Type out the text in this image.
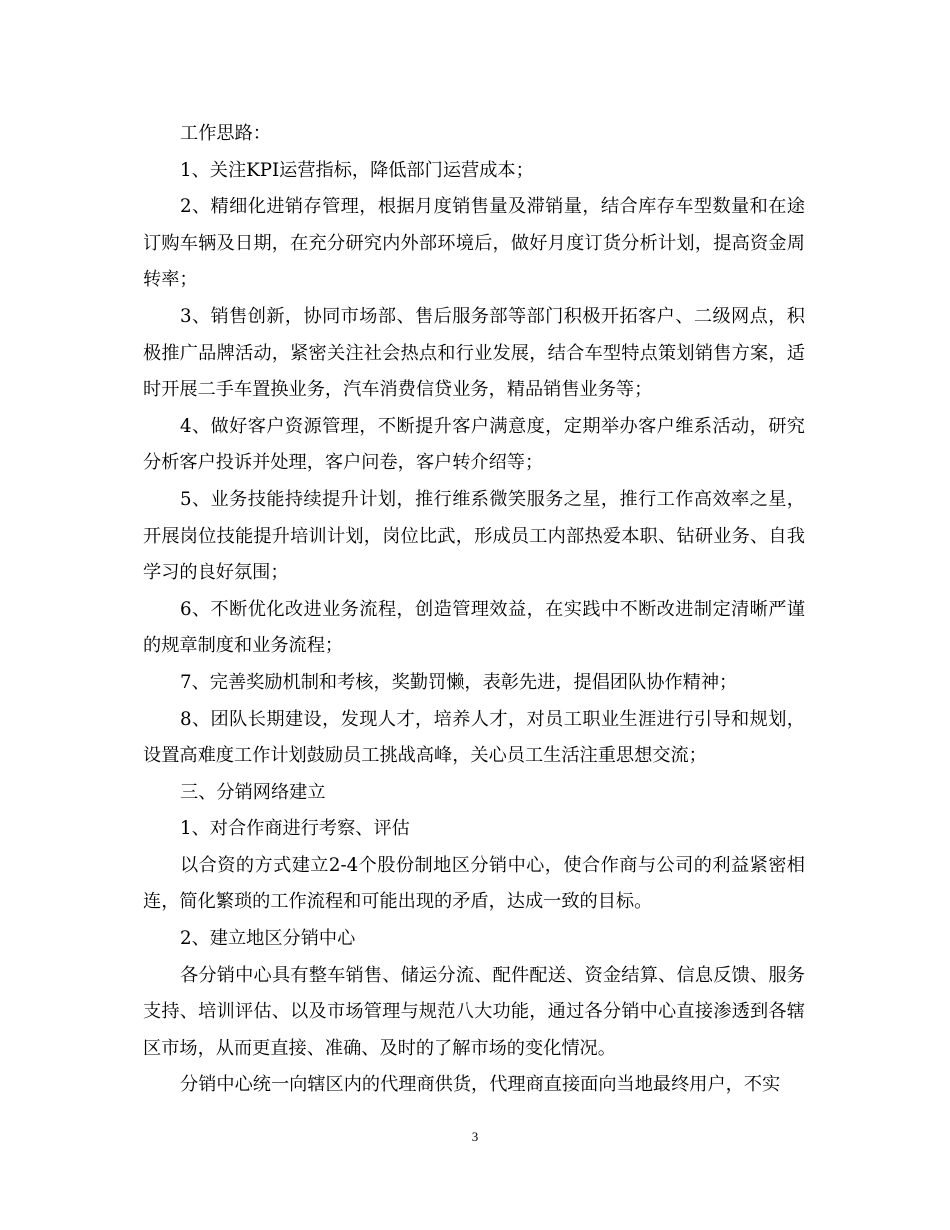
工作思路：

1、关注KPI运营指标，降低部门运营成本；

2、精细化进销存管理，根据月度销售量及滞销量，结合库存车型数量和在途订购车辆及日期，在充分研究内外部环境后，做好月度订货分析计划，提高资金周转率；

3、销售创新，协同市场部、售后服务部等部门积极开拓客户、二级网点，积极推广品牌活动，紧密关注社会热点和行业发展，结合车型特点策划销售方案，适时开展二手车置换业务，汽车消费信贷业务，精品销售业务等；

4、做好客户资源管理，不断提升客户满意度，定期举办客户维系活动，研究分析客户投诉并处理，客户问卷，客户转介绍等；

5、业务技能持续提升计划，推行维系微笑服务之星，推行工作高效率之星，开展岗位技能提升培训计划，岗位比武，形成员工内部热爱本职、钻研业务、自我学习的良好氛围；

6、不断优化改进业务流程，创造管理效益，在实践中不断改进制定清晰严谨的规章制度和业务流程；

7、完善奖励机制和考核，奖勤罚懒，表彰先进，提倡团队协作精神；

8、团队长期建设，发现人才，培养人才，对员工职业生涯进行引导和规划，设置高难度工作计划鼓励员工挑战高峰，关心员工生活注重思想交流；

三、分销网络建立

1、对合作商进行考察、评估

以合资的方式建立2-4个股份制地区分销中心，使合作商与公司的利益紧密相连，简化繁琐的工作流程和可能出现的矛盾，达成一致的目标。

2、建立地区分销中心

各分销中心具有整车销售、储运分流、配件配送、资金结算、信息反馈、服务支持、培训评估、以及市场管理与规范八大功能，通过各分销中心直接渗透到各辖区市场，从而更直接、准确、及时的了解市场的变化情况。

分销中心统一向辖区内的代理商供货，代理商直接面向当地最终用户，不实

3
